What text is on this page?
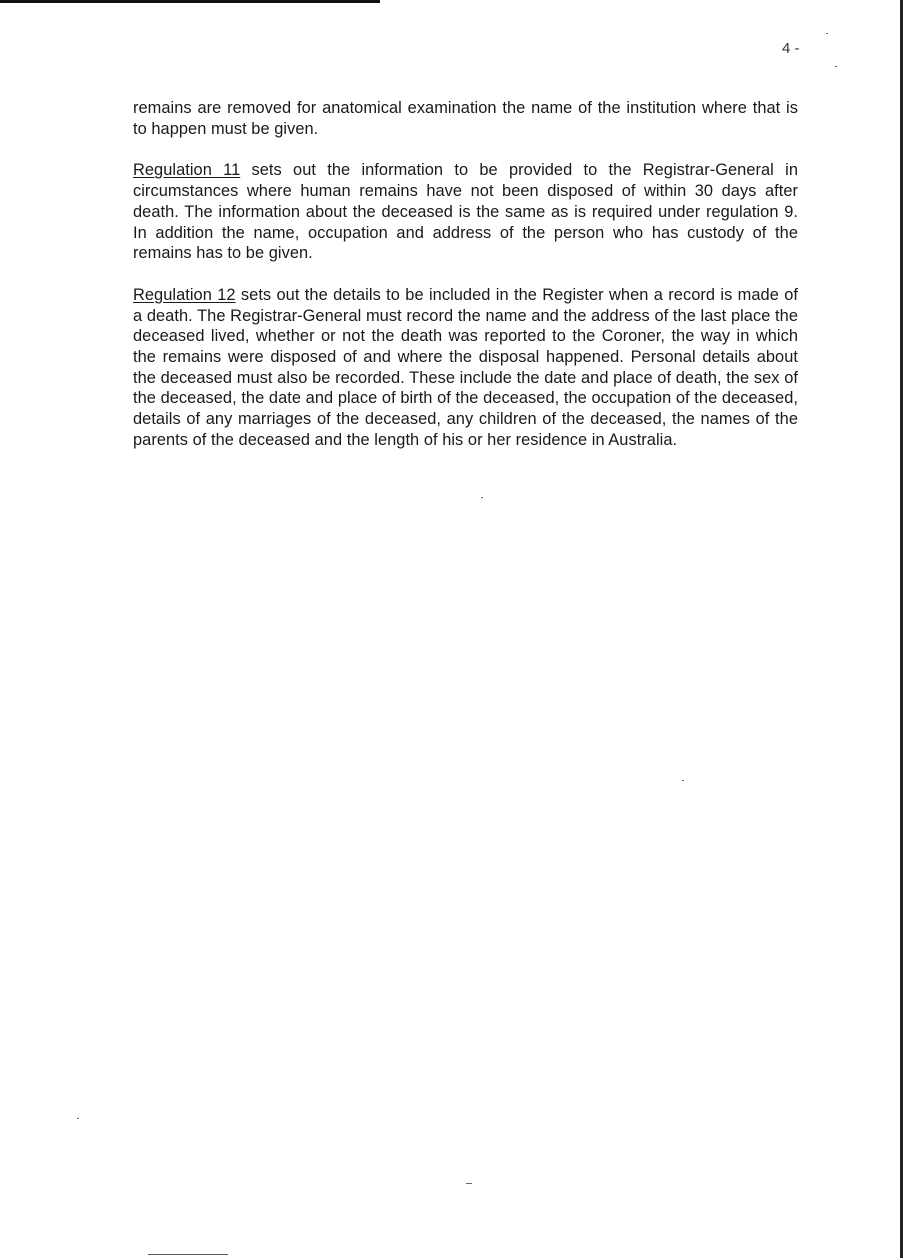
4 -

remains are removed for anatomical examination the name of the institution where that is to happen must be given.

Regulation 11 sets out the information to be provided to the Registrar-General in circumstances where human remains have not been disposed of within 30 days after death. The information about the deceased is the same as is required under regulation 9. In addition the name, occupation and address of the person who has custody of the remains has to be given.

Regulation 12 sets out the details to be included in the Register when a record is made of a death. The Registrar-General must record the name and the address of the last place the deceased lived, whether or not the death was reported to the Coroner, the way in which the remains were disposed of and where the disposal happened. Personal details about the deceased must also be recorded. These include the date and place of death, the sex of the deceased, the date and place of birth of the deceased, the occupation of the deceased, details of any marriages of the deceased, any children of the deceased, the names of the parents of the deceased and the length of his or her residence in Australia.
